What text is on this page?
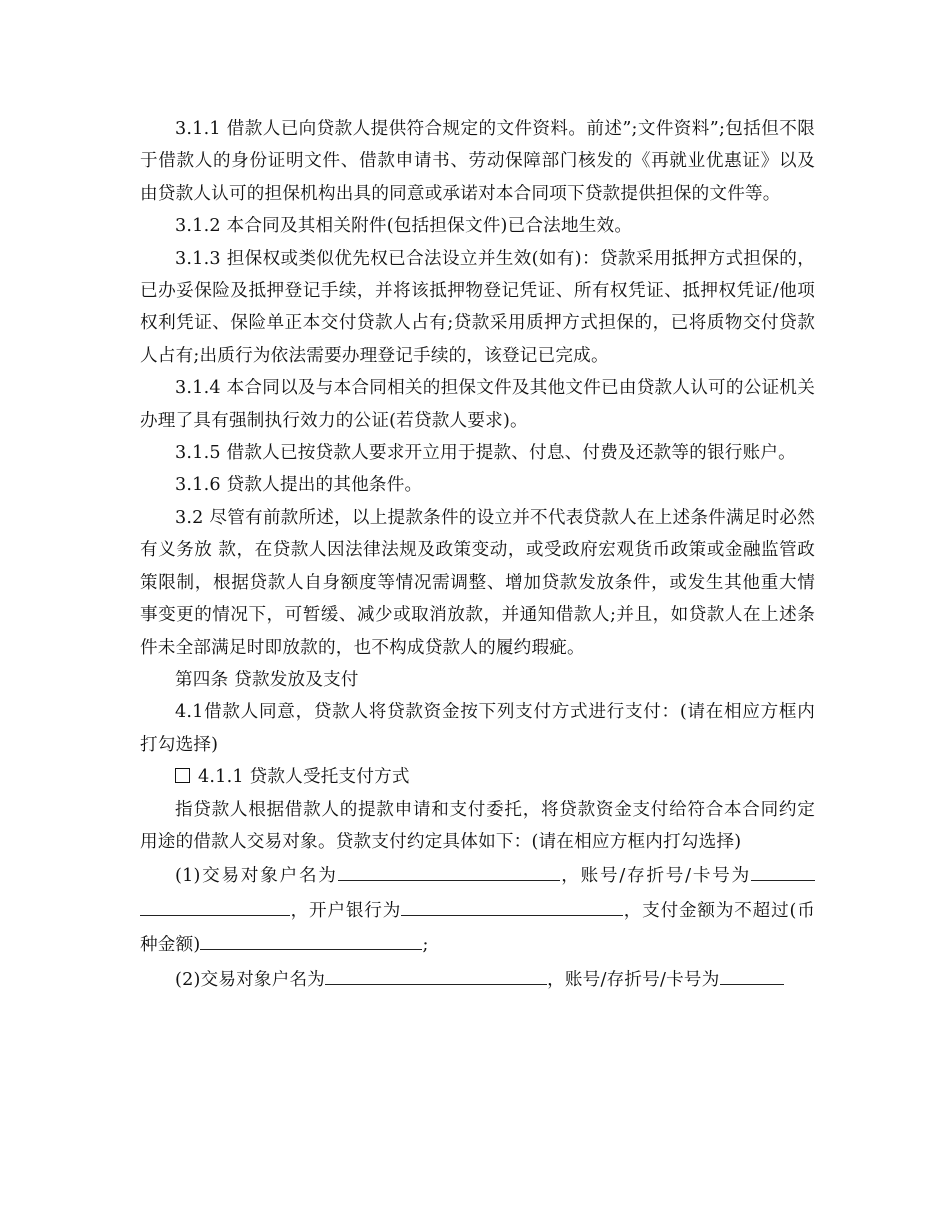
3.1.1 借款人已向贷款人提供符合规定的文件资料。前述”;文件资料”;包括但不限于借款人的身份证明文件、借款申请书、劳动保障部门核发的《再就业优惠证》以及由贷款人认可的担保机构出具的同意或承诺对本合同项下贷款提供担保的文件等。

3.1.2 本合同及其相关附件(包括担保文件)已合法地生效。

3.1.3 担保权或类似优先权已合法设立并生效(如有)：贷款采用抵押方式担保的，已办妥保险及抵押登记手续，并将该抵押物登记凭证、所有权凭证、抵押权凭证/他项权利凭证、保险单正本交付贷款人占有;贷款采用质押方式担保的，已将质物交付贷款人占有;出质行为依法需要办理登记手续的，该登记已完成。

3.1.4 本合同以及与本合同相关的担保文件及其他文件已由贷款人认可的公证机关办理了具有强制执行效力的公证(若贷款人要求)。

3.1.5 借款人已按贷款人要求开立用于提款、付息、付费及还款等的银行账户。

3.1.6 贷款人提出的其他条件。

3.2 尽管有前款所述，以上提款条件的设立并不代表贷款人在上述条件满足时必然有义务放 款，在贷款人因法律法规及政策变动，或受政府宏观货币政策或金融监管政策限制，根据贷款人自身额度等情况需调整、增加贷款发放条件，或发生其他重大情事变更的情况下，可暂缓、减少或取消放款，并通知借款人;并且，如贷款人在上述条件未全部满足时即放款的，也不构成贷款人的履约瑕疵。

第四条 贷款发放及支付

4.1借款人同意，贷款人将贷款资金按下列支付方式进行支付：(请在相应方框内打勾选择)

4.1.1 贷款人受托支付方式

指贷款人根据借款人的提款申请和支付委托，将贷款资金支付给符合本合同约定用途的借款人交易对象。贷款支付约定具体如下：(请在相应方框内打勾选择)

(1)交易对象户名为	，账号/存折号/卡号为，开户银行为	，支付金额为不超过(币种金额)	;

(2)交易对象户名为	，账号/存折号/卡号为
